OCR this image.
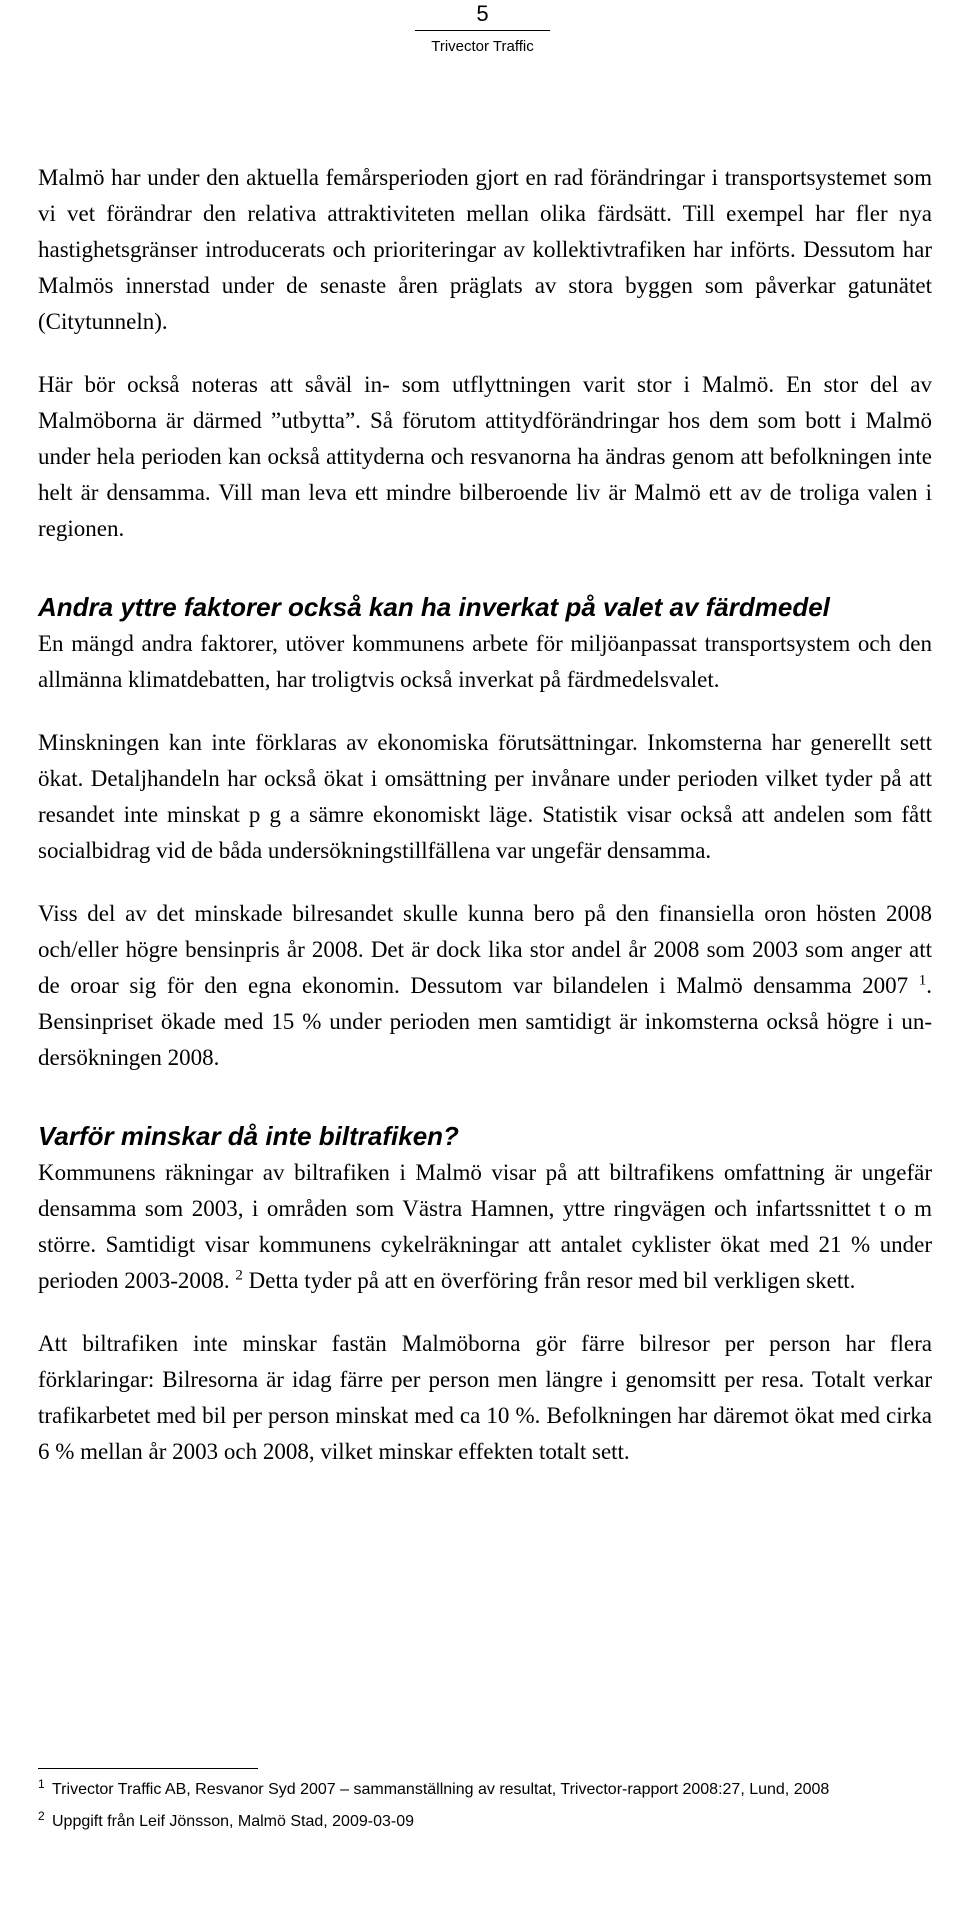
5
Trivector Traffic

Malmö har under den aktuella femårsperioden gjort en rad förändringar i transportsystemet som vi vet förändrar den relativa attraktiviteten mellan olika färdsätt. Till exempel har fler nya hastighetsgränser introducerats och prioriteringar av kollektivtrafiken har införts. Dessutom har Malmös innerstad under de senaste åren präglats av stora byggen som påverkar gatunätet (Citytunneln).

Här bör också noteras att såväl in- som utflyttningen varit stor i Malmö. En stor del av Malmöborna är därmed ”utbytta”. Så förutom attitydförändringar hos dem som bott i Malmö under hela perioden kan också attityderna och resvanorna ha ändras genom att befolkningen inte helt är densamma. Vill man leva ett mindre bilberoende liv är Malmö ett av de troliga valen i regionen.

Andra yttre faktorer också kan ha inverkat på valet av färdmedel

En mängd andra faktorer, utöver kommunens arbete för miljöanpassat transportsystem och den allmänna klimatdebatten, har troligtvis också inverkat på färdmedelsvalet.

Minskningen kan inte förklaras av ekonomiska förutsättningar. Inkomsterna har generellt sett ökat. Detaljhandeln har också ökat i omsättning per invånare under perioden vilket tyder på att resandet inte minskat p g a sämre ekonomiskt läge. Statistik visar också att andelen som fått socialbidrag vid de båda undersökningstillfällena var ungefär densamma.

Viss del av det minskade bilresandet skulle kunna bero på den finansiella oron hösten 2008 och/eller högre bensinpris år 2008. Det är dock lika stor andel år 2008 som 2003 som anger att de oroar sig för den egna ekonomin. Dessutom var bilandelen i Malmö densamma 2007 $^1$. Bensinpriset ökade med 15 % under perioden men samtidigt är inkomsterna också högre i undersökningen 2008.

Varför minskar då inte biltrafiken?

Kommunens räkningar av biltrafiken i Malmö visar på att biltrafikens omfattning är ungefär densamma som 2003, i områden som Västra Hamnen, yttre ringvägen och infartssnittet t o m större. Samtidigt visar kommunens cykelräkningar att antalet cyklister ökat med 21 % under perioden 2003-2008. $^2$ Detta tyder på att en överföring från resor med bil verkligen skett.

Att biltrafiken inte minskar fastän Malmöborna gör färre bilresor per person har flera förklaringar: Bilresorna är idag färre per person men längre i genomsitt per resa. Totalt verkar trafikarbetet med bil per person minskat med ca 10 %. Befolkningen har däremot ökat med cirka 6 % mellan år 2003 och 2008, vilket minskar effekten totalt sett.

1 Trivector Traffic AB, Resvanor Syd 2007 – sammanställning av resultat, Trivector-rapport 2008:27, Lund, 2008
2 Uppgift från Leif Jönsson, Malmö Stad, 2009-03-09
